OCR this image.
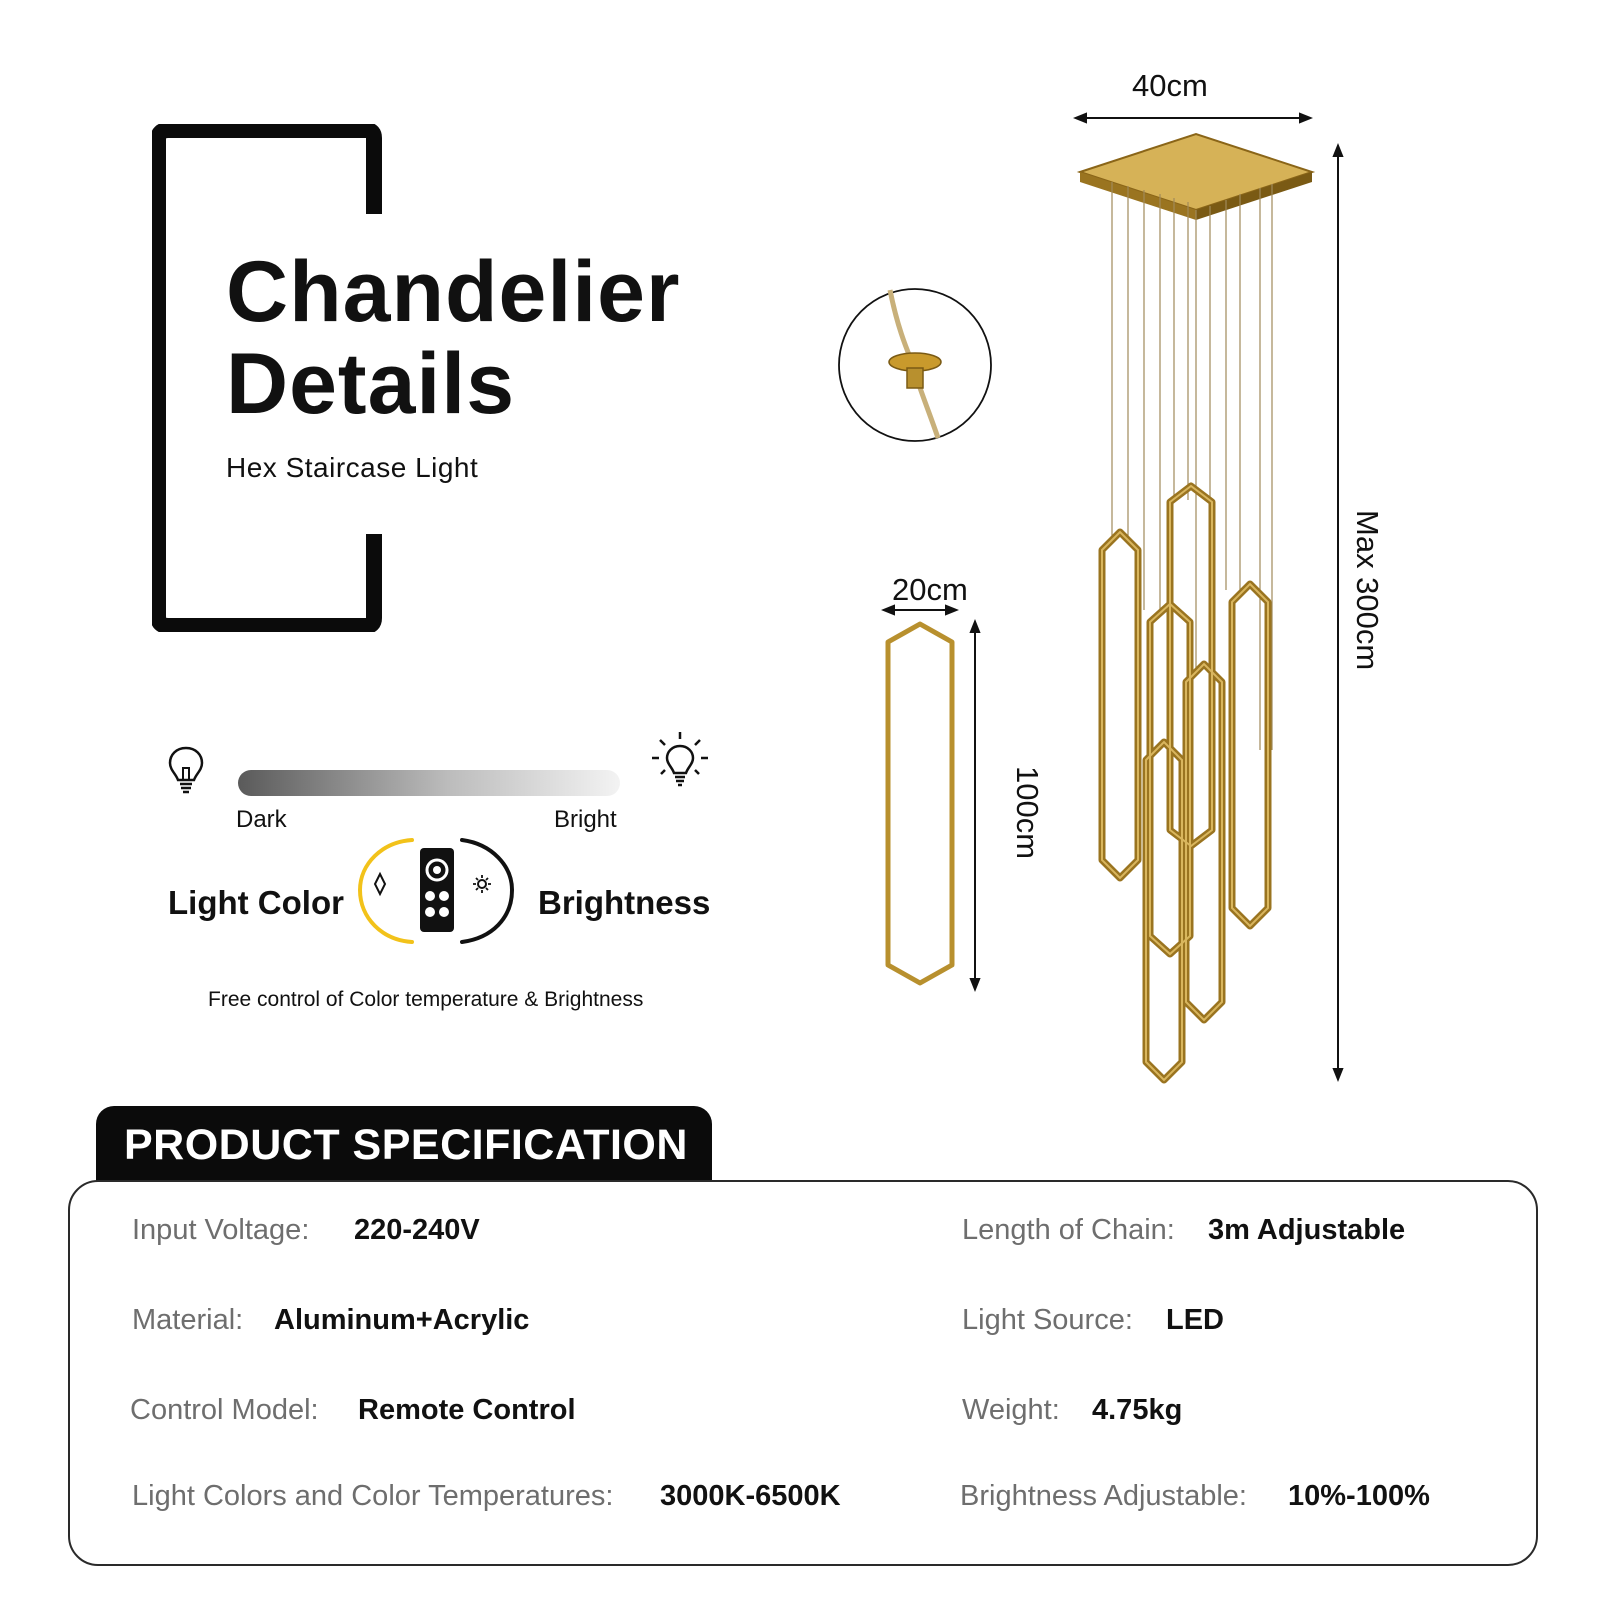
Chandelier
Details
Hex Staircase Light
Dark	Bright
Light Color	Brightness
Free control of Color temperature & Brightness
40cm
Max 300cm
20cm
100cm
PRODUCT SPECIFICATION
Input Voltage: 220-240V	Length of Chain: 3m Adjustable
Material: Aluminum+Acrylic	Light Source: LED
Control Model: Remote Control	Weight: 4.75kg
Light Colors and Color Temperatures: 3000K-6500K	Brightness Adjustable: 10%-100%
